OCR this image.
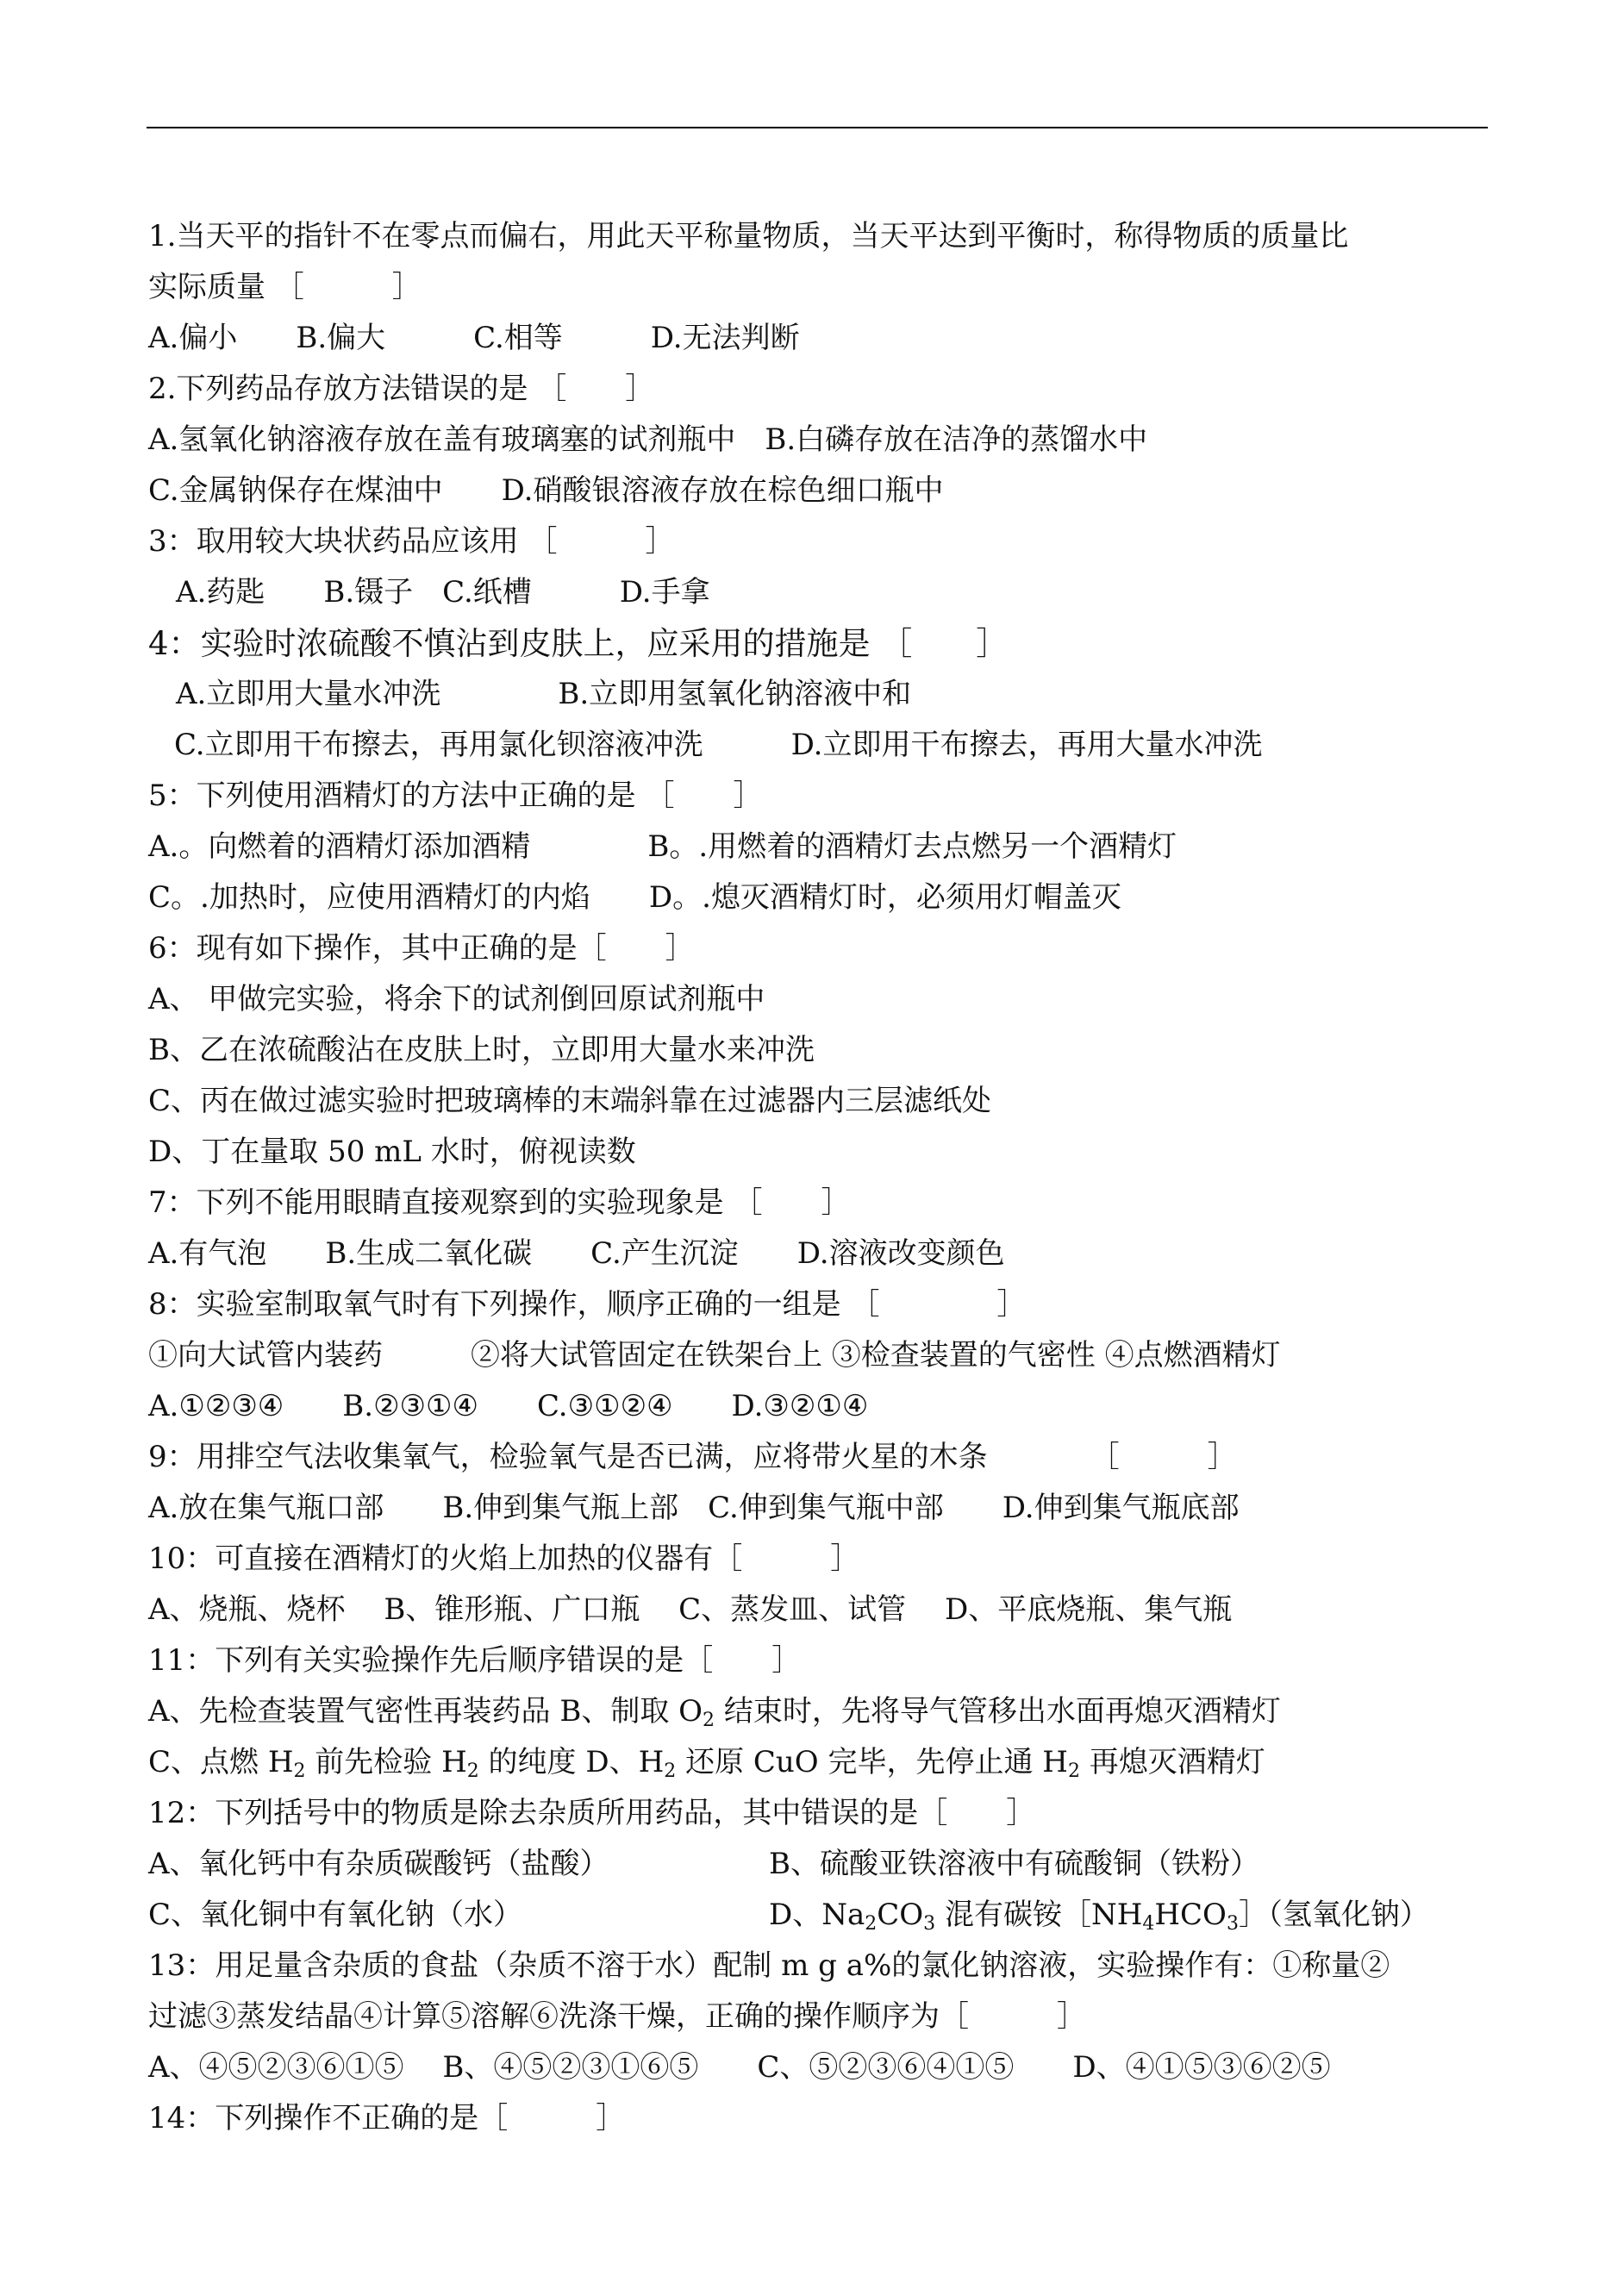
1.当天平的指针不在零点而偏右，用此天平称量物质，当天平达到平衡时，称得物质的质量比
实际质量 ［　　　］
A.偏小　　B.偏大　　　C.相等　　　D.无法判断
2.下列药品存放方法错误的是 ［　　］
A.氢氧化钠溶液存放在盖有玻璃塞的试剂瓶中　B.白磷存放在洁净的蒸馏水中
C.金属钠保存在煤油中　　D.硝酸银溶液存放在棕色细口瓶中
3：取用较大块状药品应该用 ［　　　］
A.药匙　　B.镊子　C.纸槽　　　D.手拿
4：实验时浓硫酸不慎沾到皮肤上，应采用的措施是 ［　　］
A.立即用大量水冲洗　　　　B.立即用氢氧化钠溶液中和
C.立即用干布擦去，再用氯化钡溶液冲洗　　　D.立即用干布擦去，再用大量水冲洗
5：下列使用酒精灯的方法中正确的是 ［　　］
A.。向燃着的酒精灯添加酒精　　　　B。.用燃着的酒精灯去点燃另一个酒精灯
C。.加热时，应使用酒精灯的内焰　　D。.熄灭酒精灯时，必须用灯帽盖灭
6：现有如下操作，其中正确的是［　　］
A、 甲做完实验，将余下的试剂倒回原试剂瓶中
B、乙在浓硫酸沾在皮肤上时，立即用大量水来冲洗
C、丙在做过滤实验时把玻璃棒的末端斜靠在过滤器内三层滤纸处
D、丁在量取 50 mL 水时，俯视读数
7：下列不能用眼睛直接观察到的实验现象是 ［　　］
A.有气泡　　B.生成二氧化碳　　C.产生沉淀　　D.溶液改变颜色
8：实验室制取氧气时有下列操作，顺序正确的一组是 ［　　　　］
①向大试管内装药　　　②将大试管固定在铁架台上 ③检查装置的气密性 ④点燃酒精灯
A.①②③④　　B.②③①④　　C.③①②④　　D.③②①④
9：用排空气法收集氧气，检验氧气是否已满，应将带火星的木条　　　　［　　　］
A.放在集气瓶口部　　B.伸到集气瓶上部　C.伸到集气瓶中部　　D.伸到集气瓶底部
10：可直接在酒精灯的火焰上加热的仪器有［　　　］
A、烧瓶、烧杯　 B、锥形瓶、广口瓶　 C、蒸发皿、试管　 D、平底烧瓶、集气瓶
11：下列有关实验操作先后顺序错误的是［　　］
A、先检查装置气密性再装药品 B、制取 $O_2$ 结束时，先将导气管移出水面再熄灭酒精灯
C、点燃 $H_2$ 前先检验 $H_2$ 的纯度 D、$H_2$ 还原 CuO 完毕，先停止通 $H_2$ 再熄灭酒精灯
12：下列括号中的物质是除去杂质所用药品，其中错误的是［　　］
A、氧化钙中有杂质碳酸钙（盐酸）	B、硫酸亚铁溶液中有硫酸铜（铁粉）
C、氧化铜中有氧化钠（水）	D、$Na_2CO_3$ 混有碳铵$[NH_4HCO_3]$（氢氧化钠）
13：用足量含杂质的食盐（杂质不溶于水）配制 m g a%的氯化钠溶液，实验操作有：①称量②
过滤③蒸发结晶④计算⑤溶解⑥洗涤干燥，正确的操作顺序为［　　　］
A、④⑤②③⑥①⑤　 B、④⑤②③①⑥⑤　　C、⑤②③⑥④①⑤　　D、④①⑤③⑥②⑤
14：下列操作不正确的是［　　　］
